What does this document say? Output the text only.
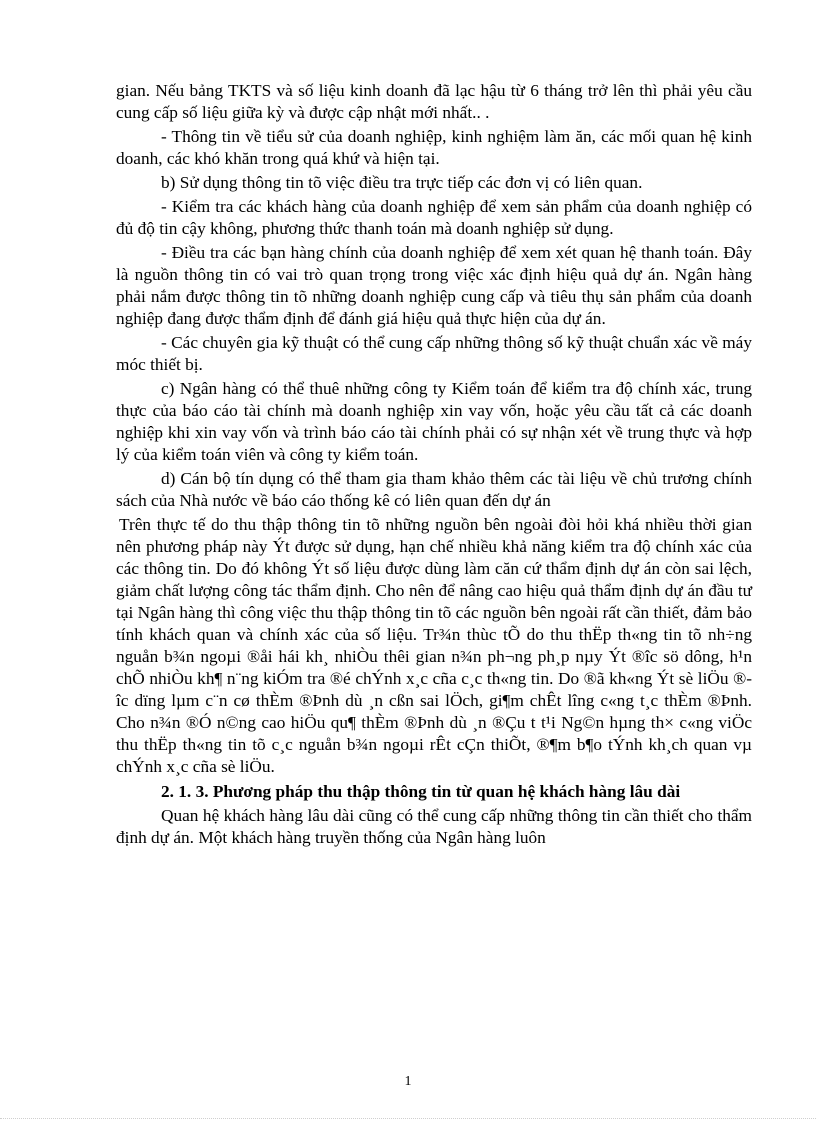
gian. Nếu bảng TKTS và số liệu kinh doanh đã lạc hậu từ 6 tháng trở lên thì phải yêu cầu cung cấp số liệu giữa kỳ và được cập nhật mới nhất.. .

- Thông tin về tiểu sử của doanh nghiệp, kinh nghiệm làm ăn, các mối quan hệ kinh doanh, các khó khăn trong quá khứ và hiện tại.

b) Sử dụng thông tin tõ việc điều tra trực tiếp các đơn vị có liên quan.

- Kiểm tra các khách hàng của doanh nghiệp để xem sản phẩm của doanh nghiệp có đủ độ tin cậy không, phương thức thanh toán mà doanh nghiệp sử dụng.

- Điều tra các bạn hàng chính của doanh nghiệp để xem xét quan hệ thanh toán. Đây là nguồn thông tin có vai trò quan trọng trong việc xác định hiệu quả dự án. Ngân hàng phải nắm được thông tin tõ những doanh nghiệp cung cấp và tiêu thụ sản phẩm của doanh nghiệp đang được thẩm định để đánh giá hiệu quả thực hiện của dự án.

- Các chuyên gia kỹ thuật có thể cung cấp những thông số kỹ thuật chuẩn xác về máy móc thiết bị.

c) Ngân hàng có thể thuê những công ty Kiểm toán để kiểm tra độ chính xác, trung thực của báo cáo tài chính mà doanh nghiệp xin vay vốn, hoặc yêu cầu tất cả các doanh nghiệp khi xin vay vốn và trình báo cáo tài chính phải có sự nhận xét về trung thực và hợp lý của kiểm toán viên và công ty kiểm toán.

d) Cán bộ tín dụng có thể tham gia tham khảo thêm các tài liệu về chủ trương chính sách của Nhà nước về báo cáo thống kê có liên quan đến dự án

Trên thực tế do thu thập thông tin tõ những nguồn bên ngoài đòi hỏi khá nhiều thời gian nên phương pháp này Ýt được sử dụng, hạn chế nhiều khả năng kiểm tra độ chính xác của các thông tin. Do đó không Ýt số liệu được dùng làm căn cứ thẩm định dự án còn sai lệch, giảm chất lượng công tác thẩm định. Cho nên để nâng cao hiệu quả thẩm định dự án đầu tư tại Ngân hàng thì công việc thu thập thông tin tõ các nguồn bên ngoài rất cần thiết, đảm bảo tính khách quan và chính xác của số liệu. Tr¾n thùc tÕ do thu thËp th«ng tin tõ nh÷ng nguån b¾n ngoµi ®åi hái kh¸ nhiÒu thêi gian n¾n ph¬ng ph¸p nµy Ýt ®îc sö dông, h¹n chÕ nhiÒu kh¶ n¨ng kiÓm tra ®é chÝnh x¸c cña c¸c th«ng tin. Do ®ã kh«ng Ýt sè liÖu ®îc dïng lµm c¨n cø thÈm ®Þnh dù ¸n cßn sai lÖch, gi¶m chÊt lîng c«ng t¸c thÈm ®Þnh. Cho n¾n ®Ó n©ng cao hiÖu qu¶ thÈm ®Þnh dù ¸n ®Çu t t¹i Ng©n hµng th× c«ng viÖc thu thËp th«ng tin tõ c¸c nguån b¾n ngoµi rÊt cÇn thiÕt, ®¶m b¶o tÝnh kh¸ch quan vµ chÝnh x¸c cña sè liÖu.

2. 1. 3. Phương pháp thu thập thông tin từ quan hệ khách hàng lâu dài

Quan hệ khách hàng lâu dài cũng có thể cung cấp những thông tin cần thiết cho thẩm định dự án. Một khách hàng truyền thống của Ngân hàng luôn

1
